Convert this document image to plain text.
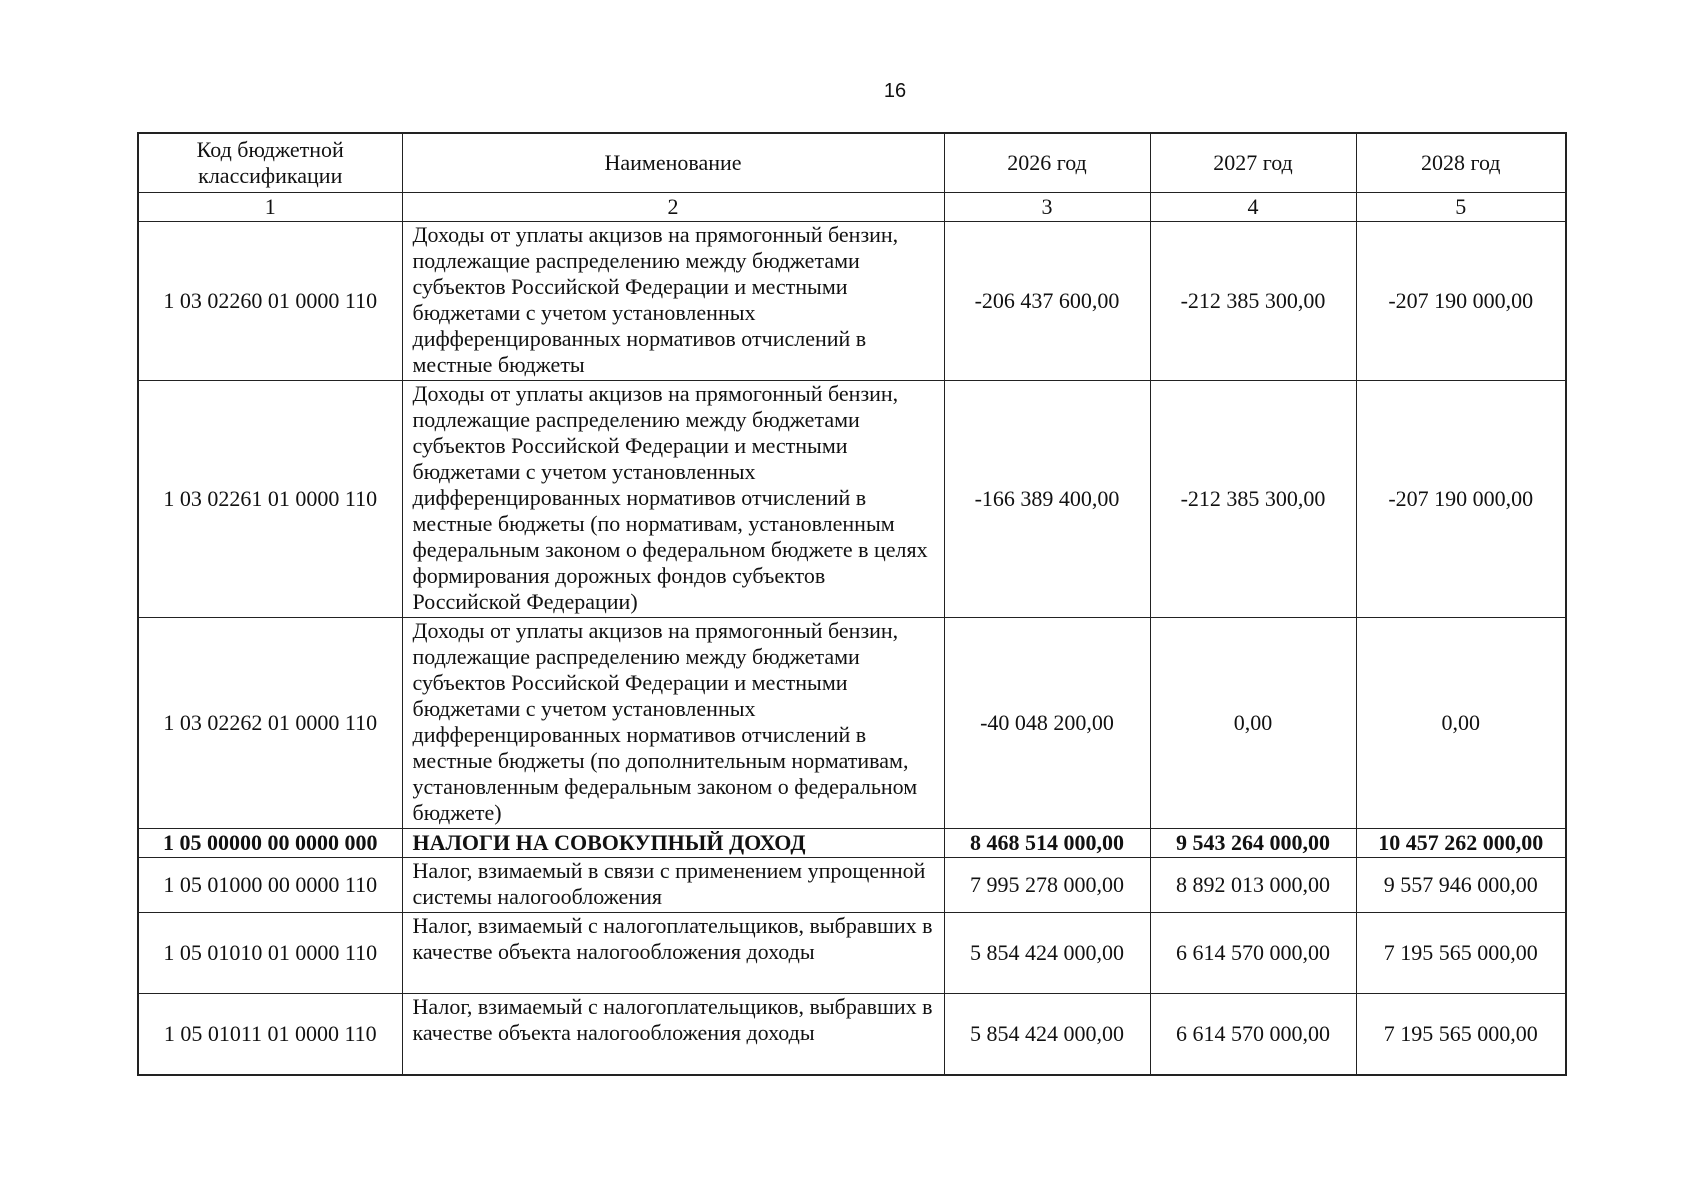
16
Код бюджетной классификации	Наименование	2026 год	2027 год	2028 год
1	2	3	4	5
1 03 02260 01 0000 110	Доходы от уплаты акцизов на прямогонный бензин, подлежащие распределению между бюджетами субъектов Российской Федерации и местными бюджетами с учетом установленных дифференцированных нормативов отчислений в местные бюджеты	-206 437 600,00	-212 385 300,00	-207 190 000,00
1 03 02261 01 0000 110	Доходы от уплаты акцизов на прямогонный бензин, подлежащие распределению между бюджетами субъектов Российской Федерации и местными бюджетами с учетом установленных дифференцированных нормативов отчислений в местные бюджеты (по нормативам, установленным федеральным законом о федеральном бюджете в целях формирования дорожных фондов субъектов Российской Федерации)	-166 389 400,00	-212 385 300,00	-207 190 000,00
1 03 02262 01 0000 110	Доходы от уплаты акцизов на прямогонный бензин, подлежащие распределению между бюджетами субъектов Российской Федерации и местными бюджетами с учетом установленных дифференцированных нормативов отчислений в местные бюджеты (по дополнительным нормативам, установленным федеральным законом о федеральном бюджете)	-40 048 200,00	0,00	0,00
1 05 00000 00 0000 000	НАЛОГИ НА СОВОКУПНЫЙ ДОХОД	8 468 514 000,00	9 543 264 000,00	10 457 262 000,00
1 05 01000 00 0000 110	Налог, взимаемый в связи с применением упрощенной системы налогообложения	7 995 278 000,00	8 892 013 000,00	9 557 946 000,00
1 05 01010 01 0000 110	Налог, взимаемый с налогоплательщиков, выбравших в качестве объекта налогообложения доходы	5 854 424 000,00	6 614 570 000,00	7 195 565 000,00
1 05 01011 01 0000 110	Налог, взимаемый с налогоплательщиков, выбравших в качестве объекта налогообложения доходы	5 854 424 000,00	6 614 570 000,00	7 195 565 000,00
